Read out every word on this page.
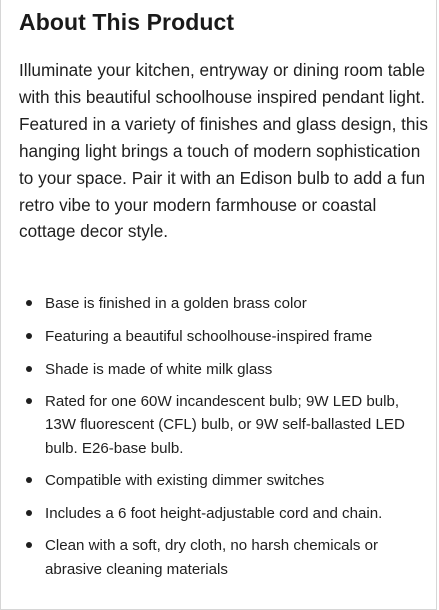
About This Product

Illuminate your kitchen, entryway or dining room table with this beautiful schoolhouse inspired pendant light. Featured in a variety of finishes and glass design, this hanging light brings a touch of modern sophistication to your space. Pair it with an Edison bulb to add a fun retro vibe to your modern farmhouse or coastal cottage decor style.

Base is finished in a golden brass color
Featuring a beautiful schoolhouse-inspired frame
Shade is made of white milk glass
Rated for one 60W incandescent bulb; 9W LED bulb, 13W fluorescent (CFL) bulb, or 9W self-ballasted LED bulb. E26-base bulb.
Compatible with existing dimmer switches
Includes a 6 foot height-adjustable cord and chain.
Clean with a soft, dry cloth, no harsh chemicals or abrasive cleaning materials
